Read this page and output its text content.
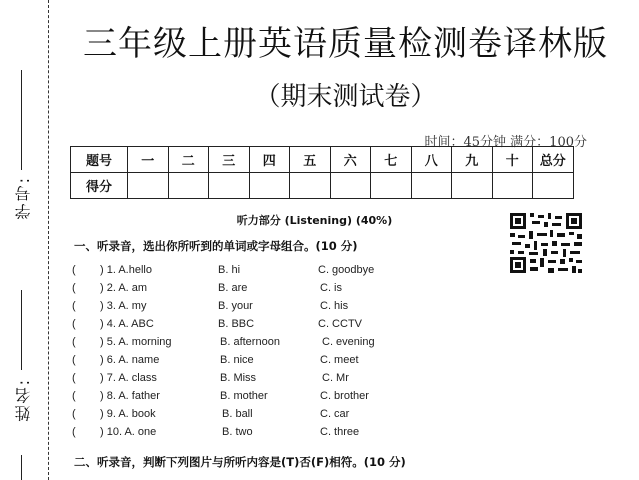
学号:
姓名:
三年级上册英语质量检测卷译林版
（期末测试卷）
时间：45分钟 满分：100分
题号	一	二	三	四	五	六	七	八	九	十	总分
得分											
听力部分 (Listening) (40%)
一、听录音，选出你所听到的单词或字母组合。(10 分)
( ) 1. A.hello	B. hi	C. goodbye
( ) 2. A. am	B. are	C. is
( ) 3. A. my	B. your	C. his
( ) 4. A. ABC	B. BBC	C. CCTV
( ) 5. A. morning	B. afternoon	C. evening
( ) 6. A. name	B. nice	C. meet
( ) 7. A. class	B. Miss	C. Mr
( ) 8. A. father	B. mother	C. brother
( ) 9. A. book	B. ball	C. car
( ) 10. A. one	B. two	C. three
二、听录音，判断下列图片与所听内容是(T)否(F)相符。(10 分)
